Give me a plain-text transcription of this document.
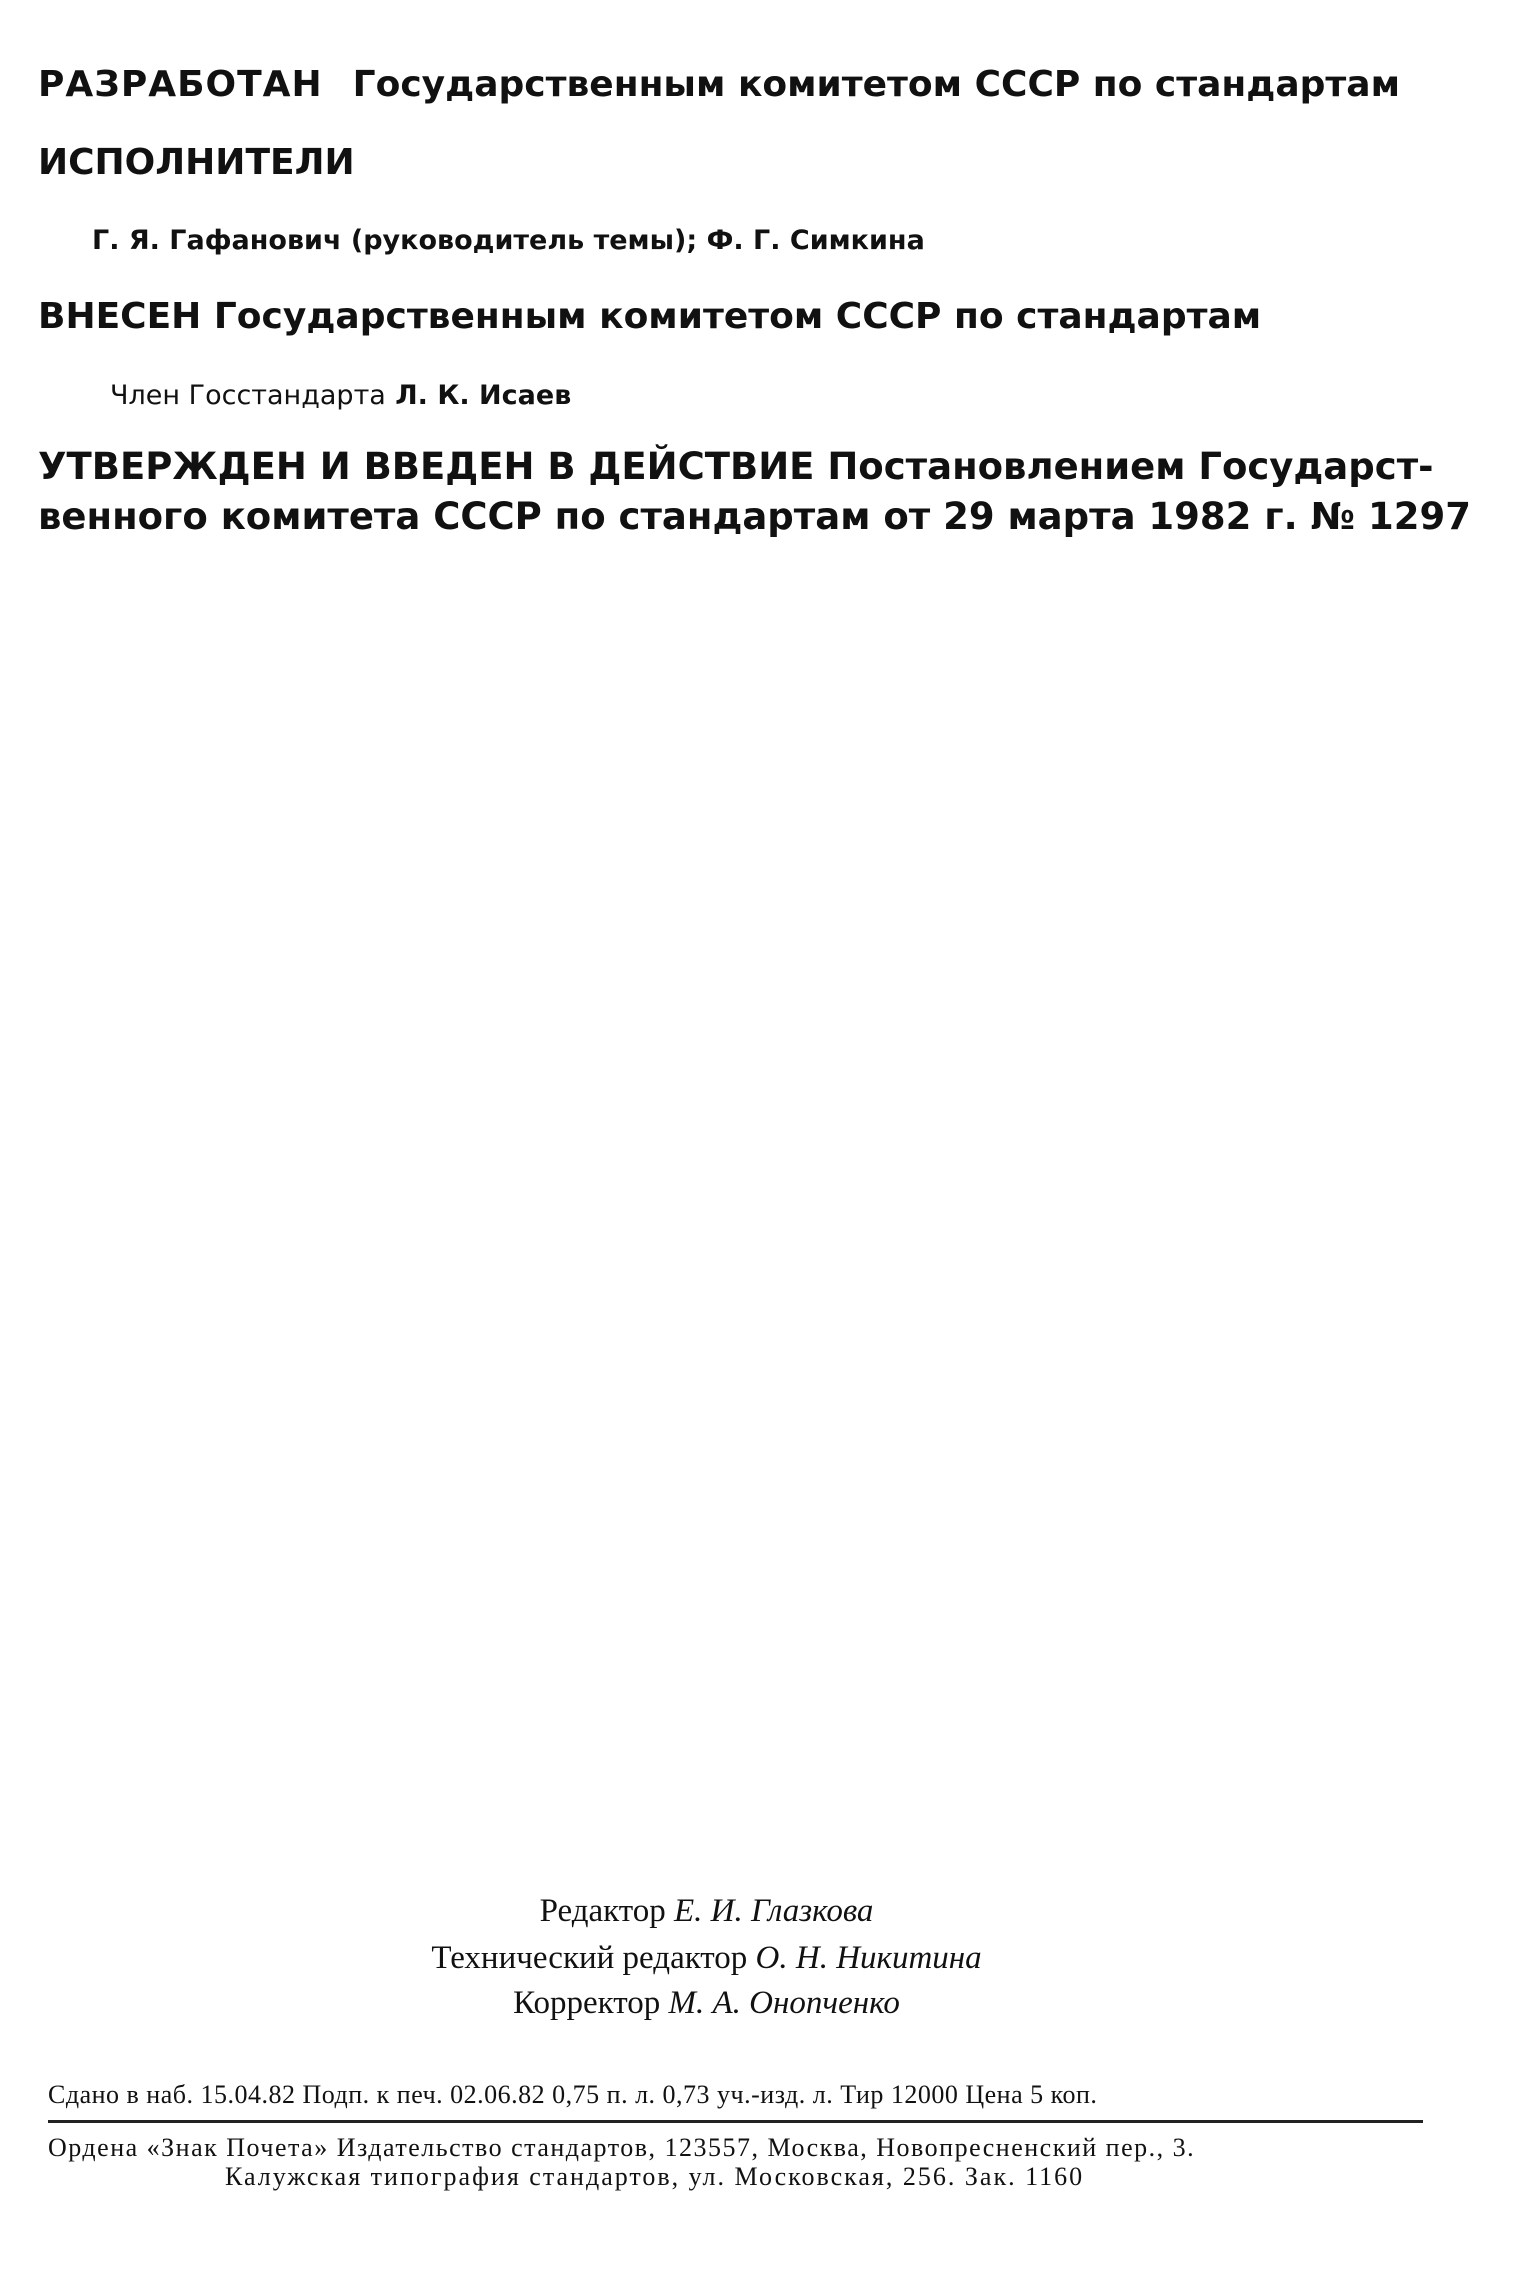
РАЗРАБОТАН Государственным комитетом СССР по стандартам
ИСПОЛНИТЕЛИ
Г. Я. Гафанович (руководитель темы); Ф. Г. Симкина
ВНЕСЕН Государственным комитетом СССР по стандартам
Член Госстандарта Л. К. Исаев
УТВЕРЖДЕН И ВВЕДЕН В ДЕЙСТВИЕ Постановлением Государст-
венного комитета СССР по стандартам от 29 марта 1982 г. № 1297
Редактор Е. И. Глазкова
Технический редактор О. Н. Никитина
Корректор М. А. Онопченко
Сдано в наб. 15.04.82 Подп. к печ. 02.06.82 0,75 п. л. 0,73 уч.-изд. л. Тир 12000 Цена 5 коп.
Ордена «Знак Почета» Издательство стандартов, 123557, Москва, Новопресненский пер., 3.
Калужская типография стандартов, ул. Московская, 256. Зак. 1160
